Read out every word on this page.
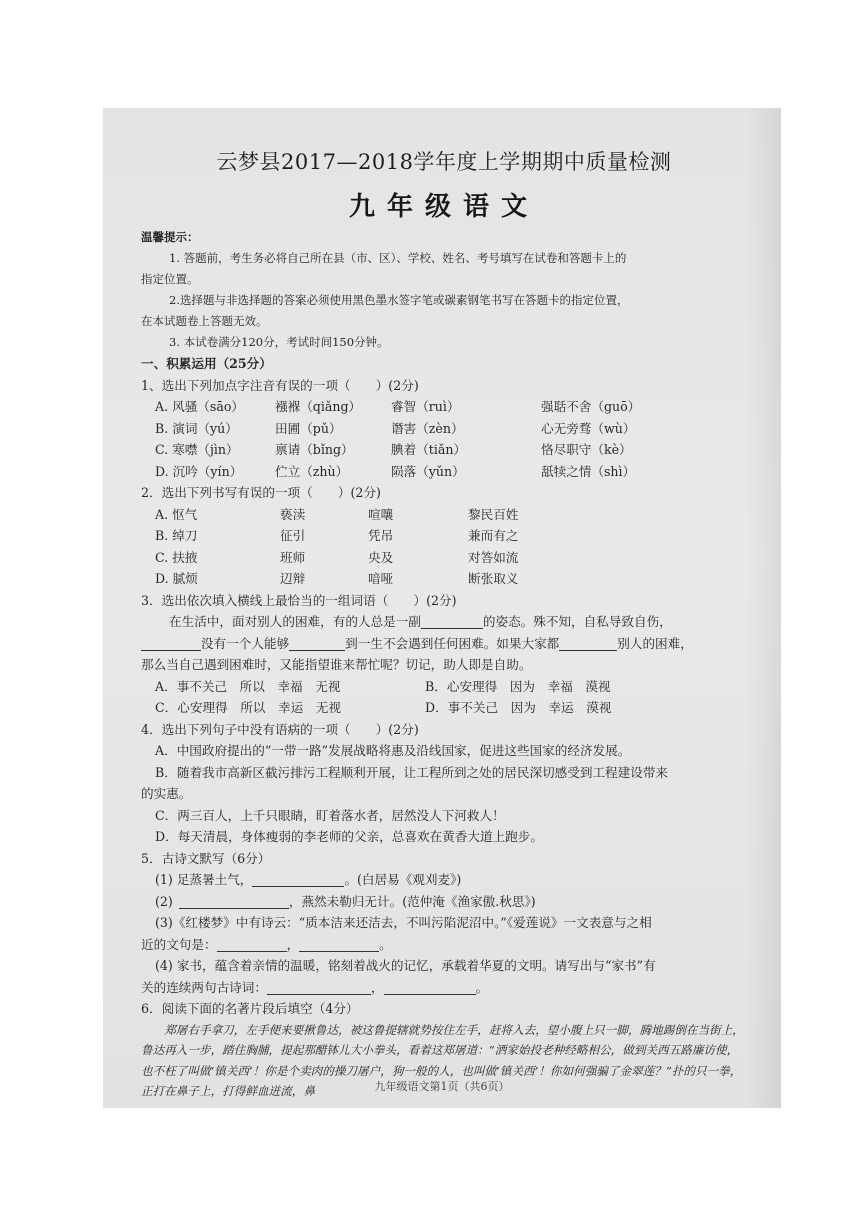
云梦县2017—2018学年度上学期期中质量检测
九年级语文
温馨提示：
1. 答题前，考生务必将自己所在县（市、区）、学校、姓名、考号填写在试卷和答题卡上的
指定位置。
2.选择题与非选择题的答案必须使用黑色墨水签字笔或碳素钢笔书写在答题卡的指定位置，
在本试题卷上答题无效。
3. 本试卷满分120分，考试时间150分钟。
一、积累运用（25分）
1、选出下列加点字注音有误的一项（　　）(2分)
A. 风骚（sāo）	襁褓（qiǎng）	睿智（ruì）	强聒不舍（guō）
B. 演词（yú）	田圃（pǔ）	谮害（zèn）	心无旁骛（wù）
C. 寒噤（jìn）	禀请（bǐng）	腆着（tiǎn）	恪尽职守（kè）
D. 沉吟（yín）	伫立（zhù）	陨落（yǔn）	舐犊之情（shì）
2．选出下列书写有误的一项（　　）(2分)
A. 怄气	亵渎	喧嚷	黎民百姓
B. 绰刀	征引	凭吊	兼而有之
C. 扶掖	班师	央及	对答如流
D. 腻烦	辺辩	喑哑	断张取义
3．选出依次填入横线上最恰当的一组词语（　　）(2分)
在生活中，面对别人的困难，有的人总是一副	的姿态。殊不知，自私导致自伤，
没有一个人能够	到一生不会遇到任何困难。如果大家都	别人的困难，
那么当自己遇到困难时，又能指望谁来帮忙呢？切记，助人即是自助。
A．事不关己　所以　幸福　无视	B．心安理得　因为　幸福　漠视
C．心安理得　所以　幸运　无视	D．事不关己　因为　幸运　漠视
4．选出下列句子中没有语病的一项（　　）(2分)
A．中国政府提出的“一带一路”发展战略将惠及沿线国家，促进这些国家的经济发展。
B．随着我市高新区截污排污工程顺利开展，让工程所到之处的居民深切感受到工程建设带来
的实惠。
C．两三百人，上千只眼睛，盯着落水者，居然没人下河救人！
D．每天清晨，身体瘦弱的李老师的父亲，总喜欢在黄香大道上跑步。
5．古诗文默写（6分）
(1) 足蒸暑土气，	。(白居易《观刈麦》)
(2)	，燕然未勒归无计。(范仲淹《渔家傲.秋思》)
(3)《红楼梦》中有诗云：“质本洁来还洁去，不叫污陷泥沼中。”《爱莲说》一文表意与之相
近的文句是：	，	。
(4) 家书，蕴含着亲情的温暖，铭刻着战火的记忆，承载着华夏的文明。请写出与“家书”有
关的连续两句古诗词：	，	。
6．阅读下面的名著片段后填空（4分）
郑屠右手拿刀，左手便来要揪鲁达，被这鲁提辖就势按住左手，赶将入去，望小腹上只一脚，腾地踢倒在当街上，鲁达再入一步，踏住胸脯，提起那醋钵儿大小拳头，看着这郑屠道：“洒家始投老种经略相公，做到关西五路廉访使，也不枉了叫做‘镇关西’！你是个卖肉的操刀屠户，狗一般的人，也叫做‘镇关西’！你如何强骗了金翠莲？”扑的只一拳，正打在鼻子上，打得鲜血迸流，鼻	九年级语文第1页（共6页）
